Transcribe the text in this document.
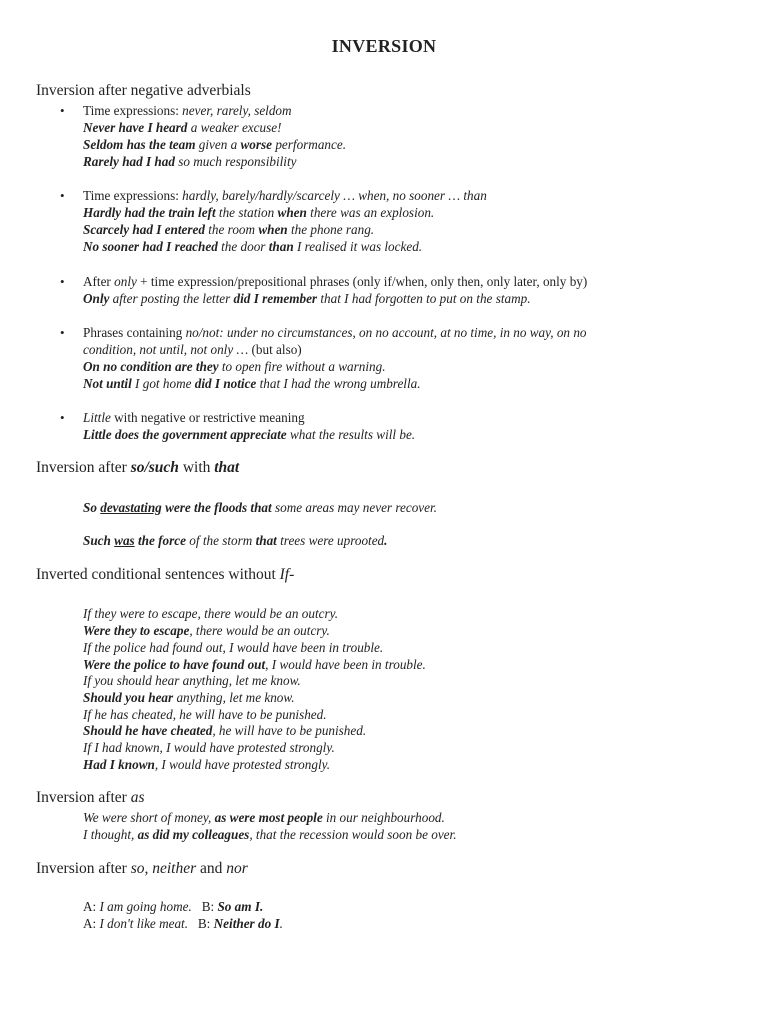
INVERSION
Inversion after negative adverbials
• Time expressions: never, rarely, seldom
Never have I heard a weaker excuse!
Seldom has the team given a worse performance.
Rarely had I had so much responsibility
• Time expressions: hardly, barely/hardly/scarcely … when, no sooner … than
Hardly had the train left the station when there was an explosion.
Scarcely had I entered the room when the phone rang.
No sooner had I reached the door than I realised it was locked.
• After only + time expression/prepositional phrases (only if/when, only then, only later, only by)
Only after posting the letter did I remember that I had forgotten to put on the stamp.
• Phrases containing no/not: under no circumstances, on no account, at no time, in no way, on no
condition, not until, not only … (but also)
On no condition are they to open fire without a warning.
Not until I got home did I notice that I had the wrong umbrella.
• Little with negative or restrictive meaning
Little does the government appreciate what the results will be.
Inversion after so/such with that
So devastating were the floods that some areas may never recover.
Such was the force of the storm that trees were uprooted.
Inverted conditional sentences without If-
If they were to escape, there would be an outcry.
Were they to escape, there would be an outcry.
If the police had found out, I would have been in trouble.
Were the police to have found out, I would have been in trouble.
If you should hear anything, let me know.
Should you hear anything, let me know.
If he has cheated, he will have to be punished.
Should he have cheated, he will have to be punished.
If I had known, I would have protested strongly.
Had I known, I would have protested strongly.
Inversion after as
We were short of money, as were most people in our neighbourhood.
I thought, as did my colleagues, that the recession would soon be over.
Inversion after so, neither and nor
A: I am going home.   B: So am I.
A: I don't like meat.   B: Neither do I.
